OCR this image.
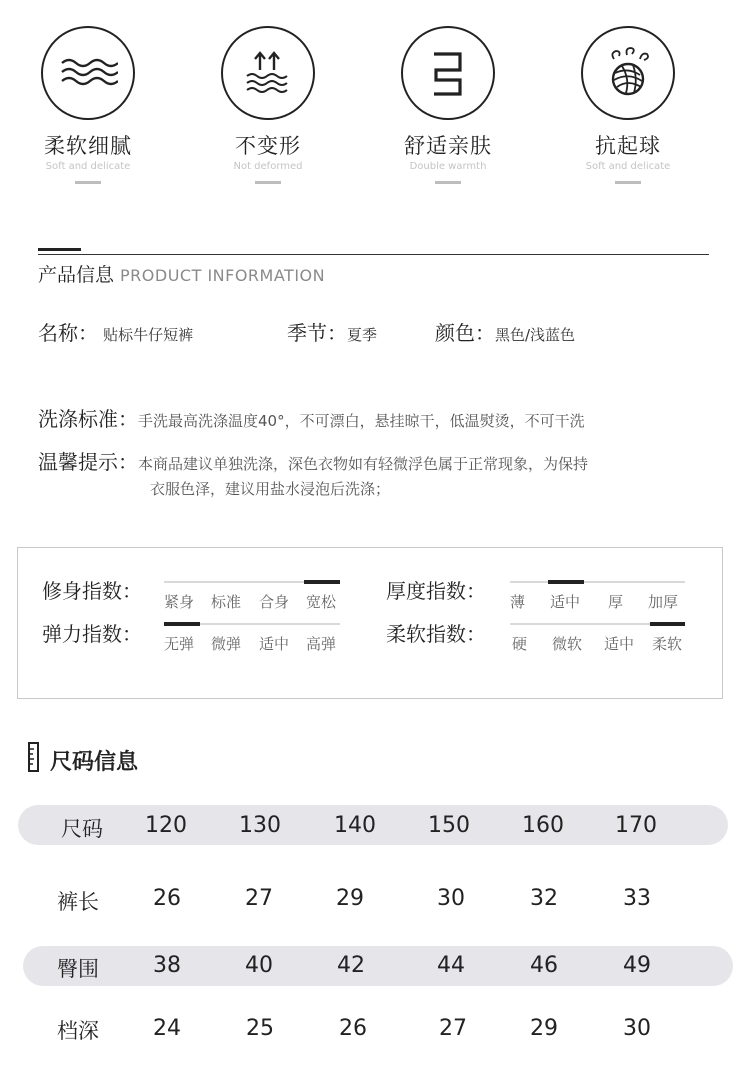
柔软细腻
Soft and delicate
不变形
Not deformed
舒适亲肤
Double warmth
抗起球
Soft and delicate
产品信息 PRODUCT INFORMATION
名称： 贴标牛仔短裤	季节：夏季	颜色：黑色/浅蓝色
洗涤标准：手洗最高洗涤温度40°，不可漂白，悬挂晾干，低温熨烫，不可干洗
温馨提示：本商品建议单独洗涤，深色衣物如有轻微浮色属于正常现象，为保持
衣服色泽，建议用盐水浸泡后洗涤；
修身指数： 紧身 标准 合身 宽松 厚度指数： 薄 适中 厚 加厚
弹力指数： 无弹 微弹 适中 高弹 柔软指数： 硬 微软 适中 柔软
尺码信息
尺码	120	130	140	150	160	170
裤长	26	27	29	30	32	33
臀围	38	40	42	44	46	49
档深	24	25	26	27	29	30
